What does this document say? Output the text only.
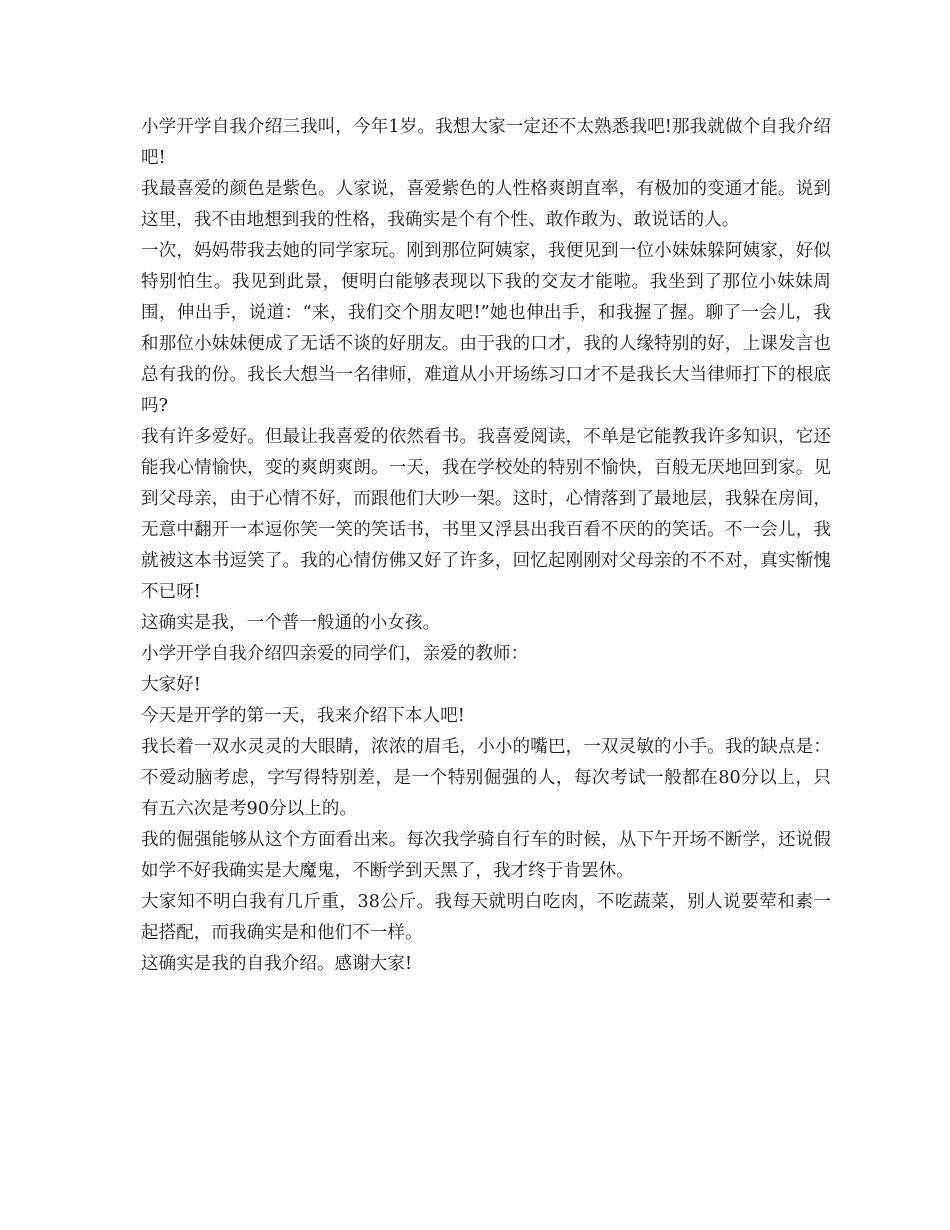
小学开学自我介绍三我叫，今年1岁。我想大家一定还不太熟悉我吧!那我就做个自我介绍吧!

我最喜爱的颜色是紫色。人家说，喜爱紫色的人性格爽朗直率，有极加的变通才能。说到这里，我不由地想到我的性格，我确实是个有个性、敢作敢为、敢说话的人。

一次，妈妈带我去她的同学家玩。刚到那位阿姨家，我便见到一位小妹妹躲阿姨家，好似特别怕生。我见到此景，便明白能够表现以下我的交友才能啦。我坐到了那位小妹妹周围，伸出手，说道：“来，我们交个朋友吧!”她也伸出手，和我握了握。聊了一会儿，我和那位小妹妹便成了无话不谈的好朋友。由于我的口才，我的人缘特别的好，上课发言也总有我的份。我长大想当一名律师，难道从小开场练习口才不是我长大当律师打下的根底吗?

我有许多爱好。但最让我喜爱的依然看书。我喜爱阅读，不单是它能教我许多知识，它还能我心情愉快，变的爽朗爽朗。一天，我在学校处的特别不愉快，百般无厌地回到家。见到父母亲，由于心情不好，而跟他们大吵一架。这时，心情落到了最地层，我躲在房间，无意中翻开一本逗你笑一笑的笑话书，书里又浮县出我百看不厌的的笑话。不一会儿，我就被这本书逗笑了。我的心情仿佛又好了许多，回忆起刚刚对父母亲的不不对，真实惭愧不已呀!

这确实是我，一个普一般通的小女孩。

小学开学自我介绍四亲爱的同学们，亲爱的教师：

大家好!

今天是开学的第一天，我来介绍下本人吧!

我长着一双水灵灵的大眼睛，浓浓的眉毛，小小的嘴巴，一双灵敏的小手。我的缺点是：不爱动脑考虑，字写得特别差，是一个特别倔强的人，每次考试一般都在80分以上，只有五六次是考90分以上的。

我的倔强能够从这个方面看出来。每次我学骑自行车的时候，从下午开场不断学，还说假如学不好我确实是大魔鬼，不断学到天黑了，我才终于肯罢休。

大家知不明白我有几斤重，38公斤。我每天就明白吃肉，不吃蔬菜，别人说要荤和素一起搭配，而我确实是和他们不一样。

这确实是我的自我介绍。感谢大家!
